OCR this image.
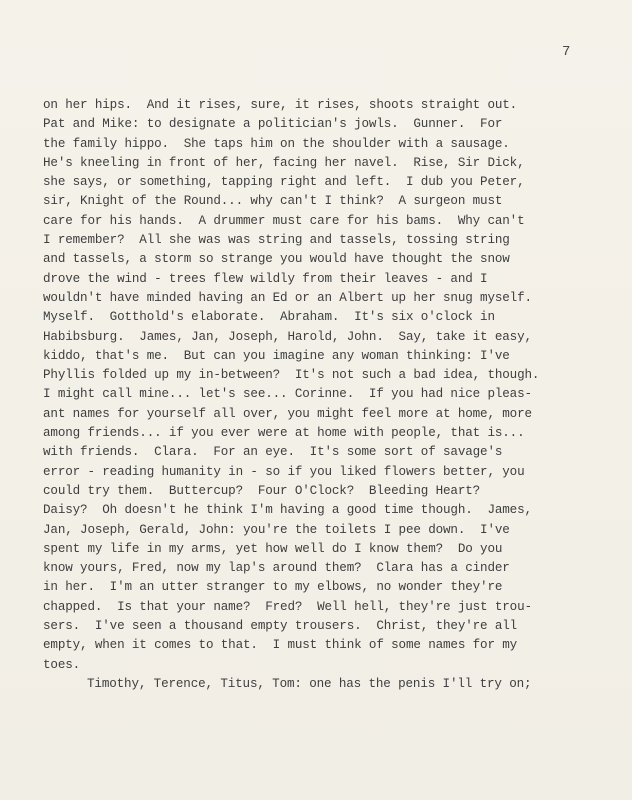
7
on her hips.  And it rises, sure, it rises, shoots straight out.
Pat and Mike: to designate a politician's jowls.  Gunner.  For
the family hippo.  She taps him on the shoulder with a sausage.
He's kneeling in front of her, facing her navel.  Rise, Sir Dick,
she says, or something, tapping right and left.  I dub you Peter,
sir, Knight of the Round... why can't I think?  A surgeon must
care for his hands.  A drummer must care for his bams.  Why can't
I remember?  All she was was string and tassels, tossing string
and tassels, a storm so strange you would have thought the snow
drove the wind - trees flew wildly from their leaves - and I
wouldn't have minded having an Ed or an Albert up her snug myself.
Myself.  Gotthold's elaborate.  Abraham.  It's six o'clock in
Habibsburg.  James, Jan, Joseph, Harold, John.  Say, take it easy,
kiddo, that's me.  But can you imagine any woman thinking: I've
Phyllis folded up my in-between?  It's not such a bad idea, though.
I might call mine... let's see... Corinne.  If you had nice pleas-
ant names for yourself all over, you might feel more at home, more
among friends... if you ever were at home with people, that is...
with friends.  Clara.  For an eye.  It's some sort of savage's
error - reading humanity in - so if you liked flowers better, you
could try them.  Buttercup?  Four O'Clock?  Bleeding Heart?
Daisy?  Oh doesn't he think I'm having a good time though.  James,
Jan, Joseph, Gerald, John: you're the toilets I pee down.  I've
spent my life in my arms, yet how well do I know them?  Do you
know yours, Fred, now my lap's around them?  Clara has a cinder
in her.  I'm an utter stranger to my elbows, no wonder they're
chapped.  Is that your name?  Fred?  Well hell, they're just trou-
sers.  I've seen a thousand empty trousers.  Christ, they're all
empty, when it comes to that.  I must think of some names for my
toes.
Timothy, Terence, Titus, Tom: one has the penis I'll try on;
